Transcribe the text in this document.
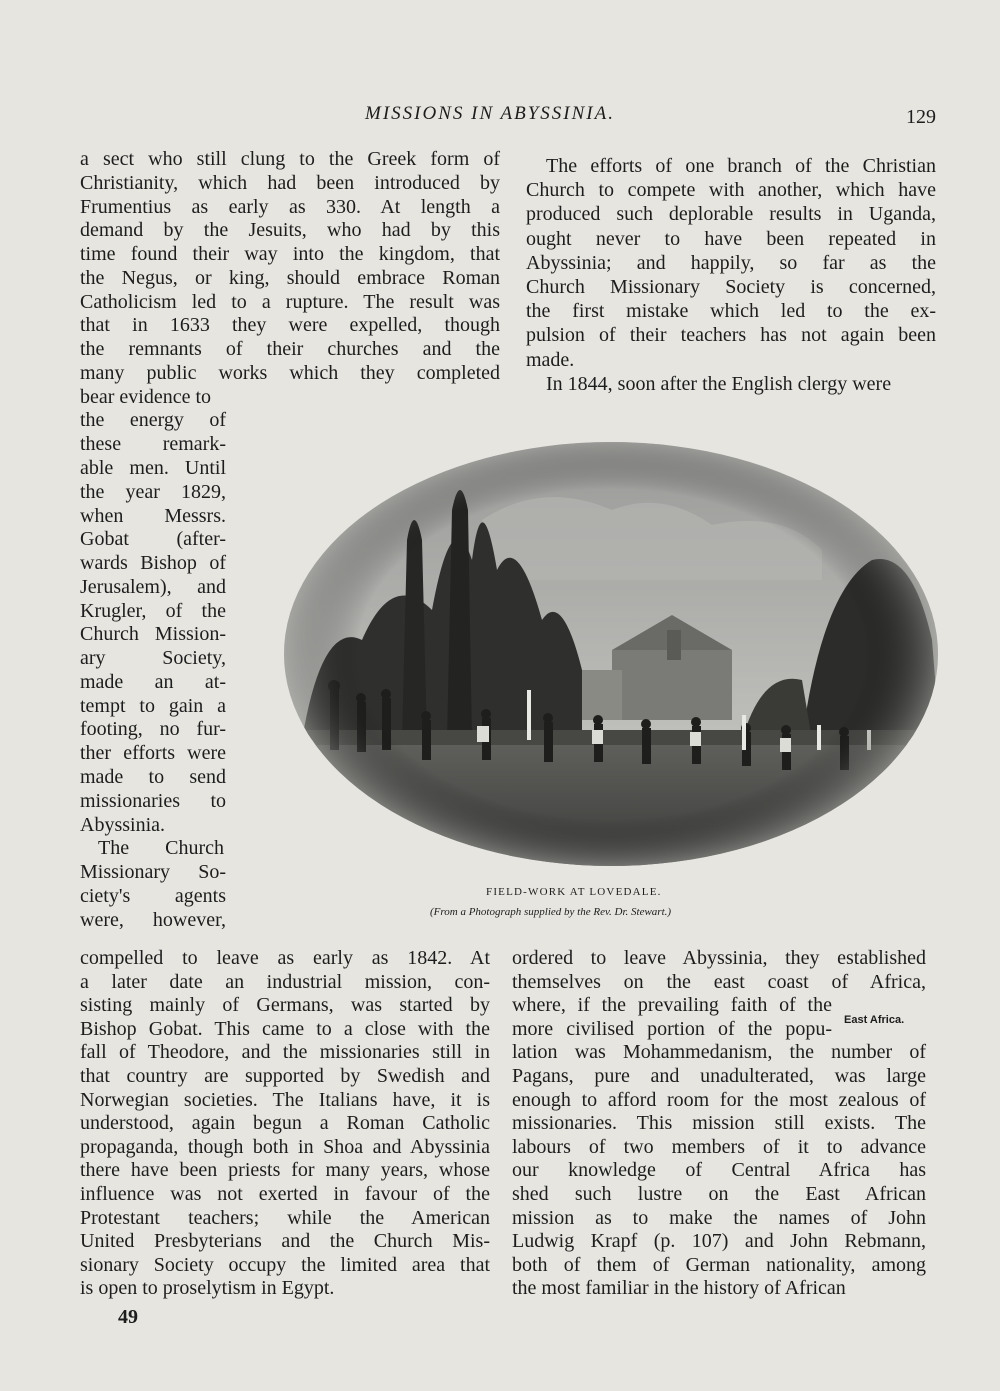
MISSIONS IN ABYSSINIA.	129
a sect who still clung to the Greek form of
Christianity, which had been introduced by
Frumentius as early as 330. At length a
demand by the Jesuits, who had by this
time found their way into the kingdom, that
the Negus, or king, should embrace Roman
Catholicism led to a rupture. The result was
that in 1633 they were expelled, though
the remnants of their churches and the
many public works which they completed
bear evidence to
the energy of
these remark-
able men. Until
the year 1829,
when Messrs.
Gobat (after-
wards Bishop of
Jerusalem), and
Krugler, of the
Church Mission-
ary Society,
made an at-
tempt to gain a
footing, no fur-
ther efforts were
made to send
missionaries to
Abyssinia.
The Church
Missionary So-
ciety's agents
were, however,
compelled to leave as early as 1842. At
a later date an industrial mission, con-
sisting mainly of Germans, was started by
Bishop Gobat. This came to a close with the
fall of Theodore, and the missionaries still in
that country are supported by Swedish and
Norwegian societies. The Italians have, it is
understood, again begun a Roman Catholic
propaganda, though both in Shoa and Abyssinia
there have been priests for many years, whose
influence was not exerted in favour of the
Protestant teachers; while the American
United Presbyterians and the Church Mis-
sionary Society occupy the limited area that
is open to proselytism in Egypt.
The efforts of one branch of the Christian
Church to compete with another, which have
produced such deplorable results in Uganda,
ought never to have been repeated in
Abyssinia; and happily, so far as the
Church Missionary Society is concerned,
the first mistake which led to the ex-
pulsion of their teachers has not again been
made.
In 1844, soon after the English clergy were
ordered to leave Abyssinia, they established
themselves on the east coast of Africa,
where, if the prevailing faith of the
more civilised portion of the popu-
lation was Mohammedanism, the number of
Pagans, pure and unadulterated, was large
enough to afford room for the most zealous of
missionaries. This mission still exists. The
labours of two members of it to advance
our knowledge of Central Africa has
shed such lustre on the East African
mission as to make the names of John
Ludwig Krapf (p. 107) and John Rebmann,
both of them of German nationality, among
the most familiar in the history of African
FIELD-WORK AT LOVEDALE.
(From a Photograph supplied by the Rev. Dr. Stewart.)
East Africa.
49
